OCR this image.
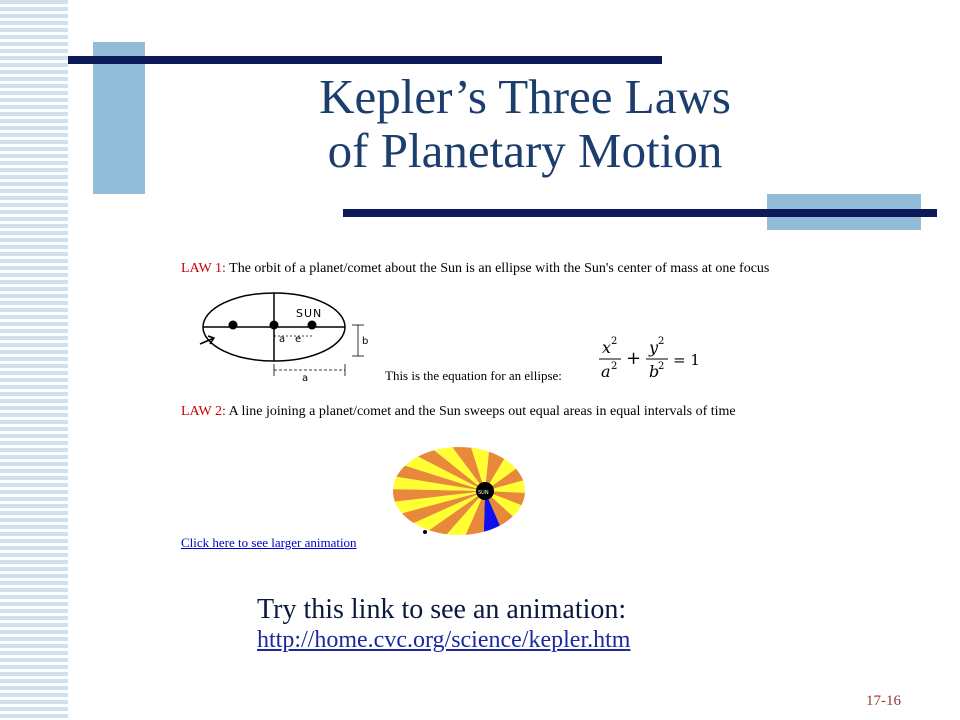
Kepler’s Three Laws
of Planetary Motion
LAW 1: The orbit of a planet/comet about the Sun is an ellipse with the Sun's center of mass at one focus
SUN
a e	b
a	This is the equation for an ellipse:
x 2
a 2 +
y 2
b
2 = 1
LAW 2: A line joining a planet/comet and the Sun sweeps out equal areas in equal intervals of time
SUN
Click here to see larger animation
Try this link to see an animation:
http://home.cvc.org/science/kepler.htm
17-16
